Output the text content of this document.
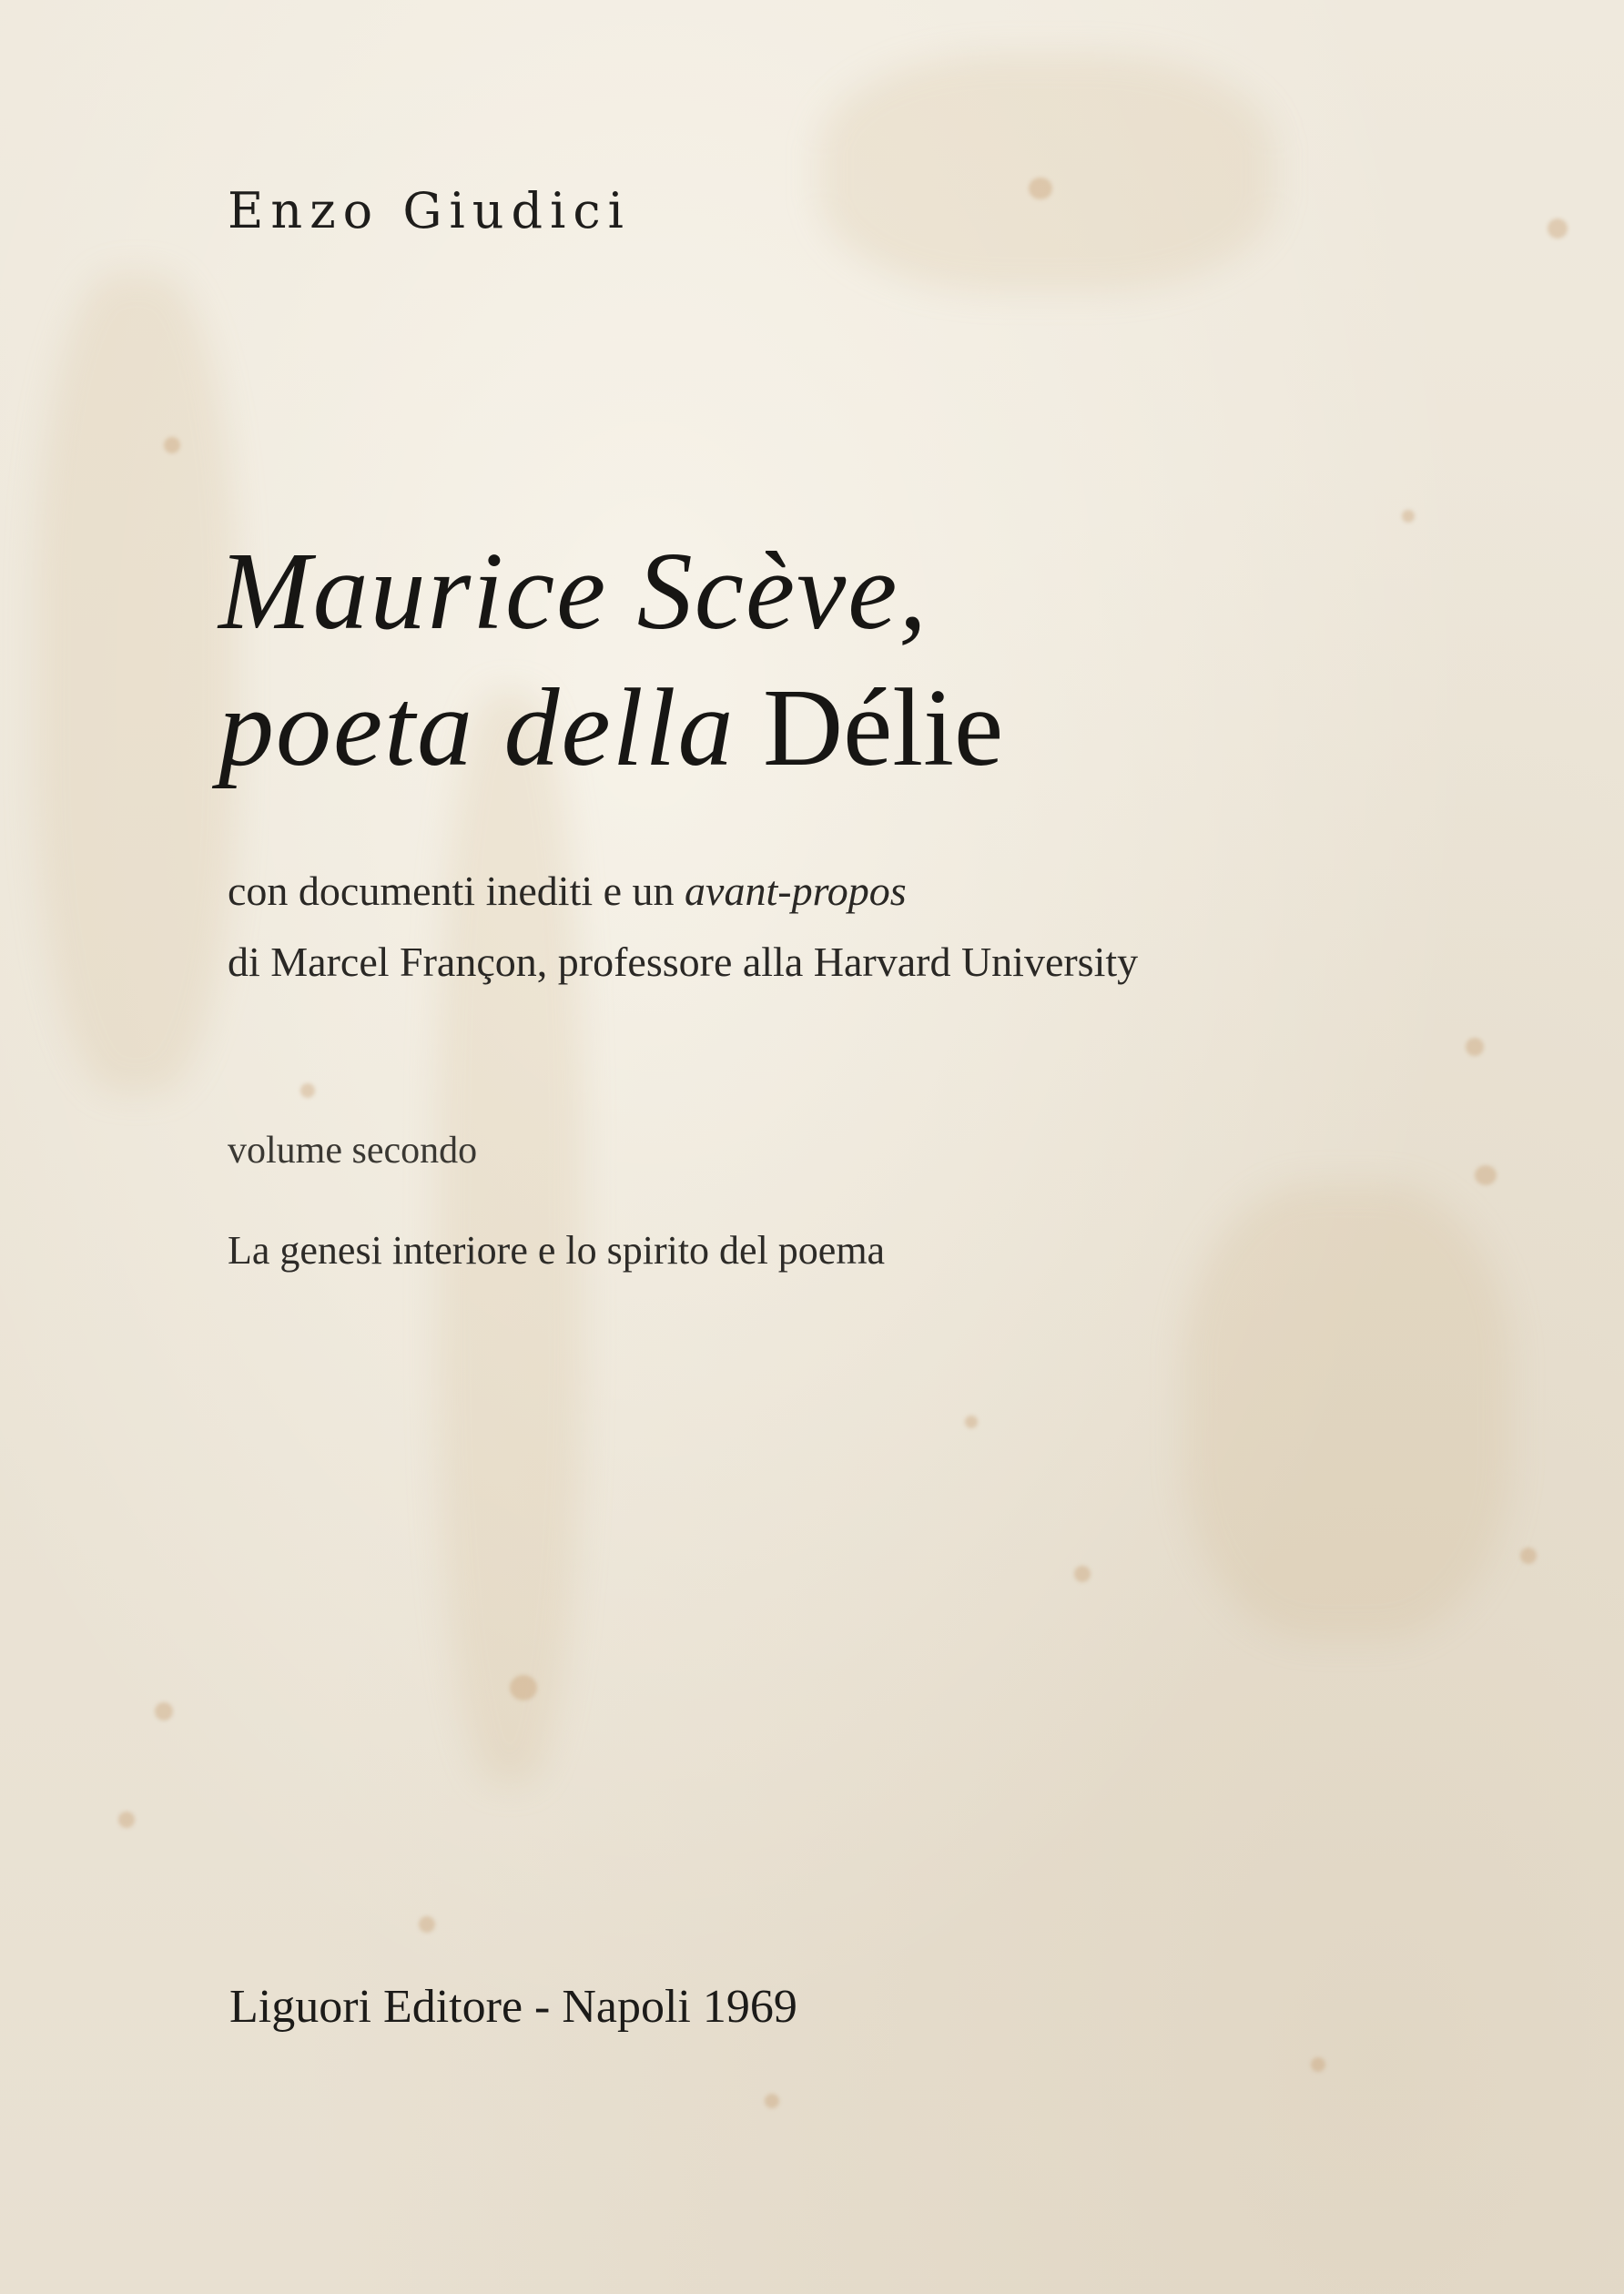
Enzo Giudici
Maurice Scève,
poeta della Délie
con documenti inediti e un avant-propos
di Marcel Françon, professore alla Harvard University
volume secondo
La genesi interiore e lo spirito del poema
Liguori Editore - Napoli 1969
